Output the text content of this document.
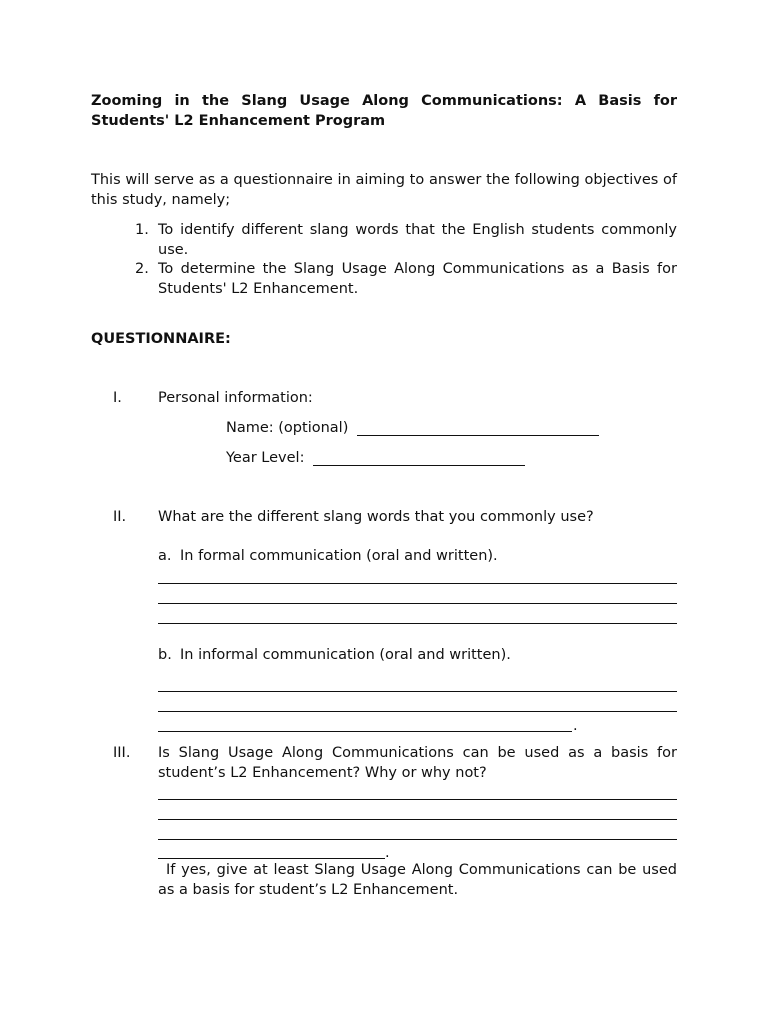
Zooming in the Slang Usage Along Communications: A Basis for Students' L2 Enhancement Program
This will serve as a questionnaire in aiming to answer the following objectives of this study, namely;
1. To identify different slang words that the English students commonly use.
2. To determine the Slang Usage Along Communications as a Basis for Students' L2 Enhancement.
QUESTIONNAIRE:
I. Personal information:
Name: (optional)
Year Level:
II. What are the different slang words that you commonly use?
a. In formal communication (oral and written).
b. In informal communication (oral and written).
.
III. Is Slang Usage Along Communications can be used as a basis for student’s L2 Enhancement? Why or why not?
.
If yes, give at least Slang Usage Along Communications can be used as a basis for student’s L2 Enhancement.
